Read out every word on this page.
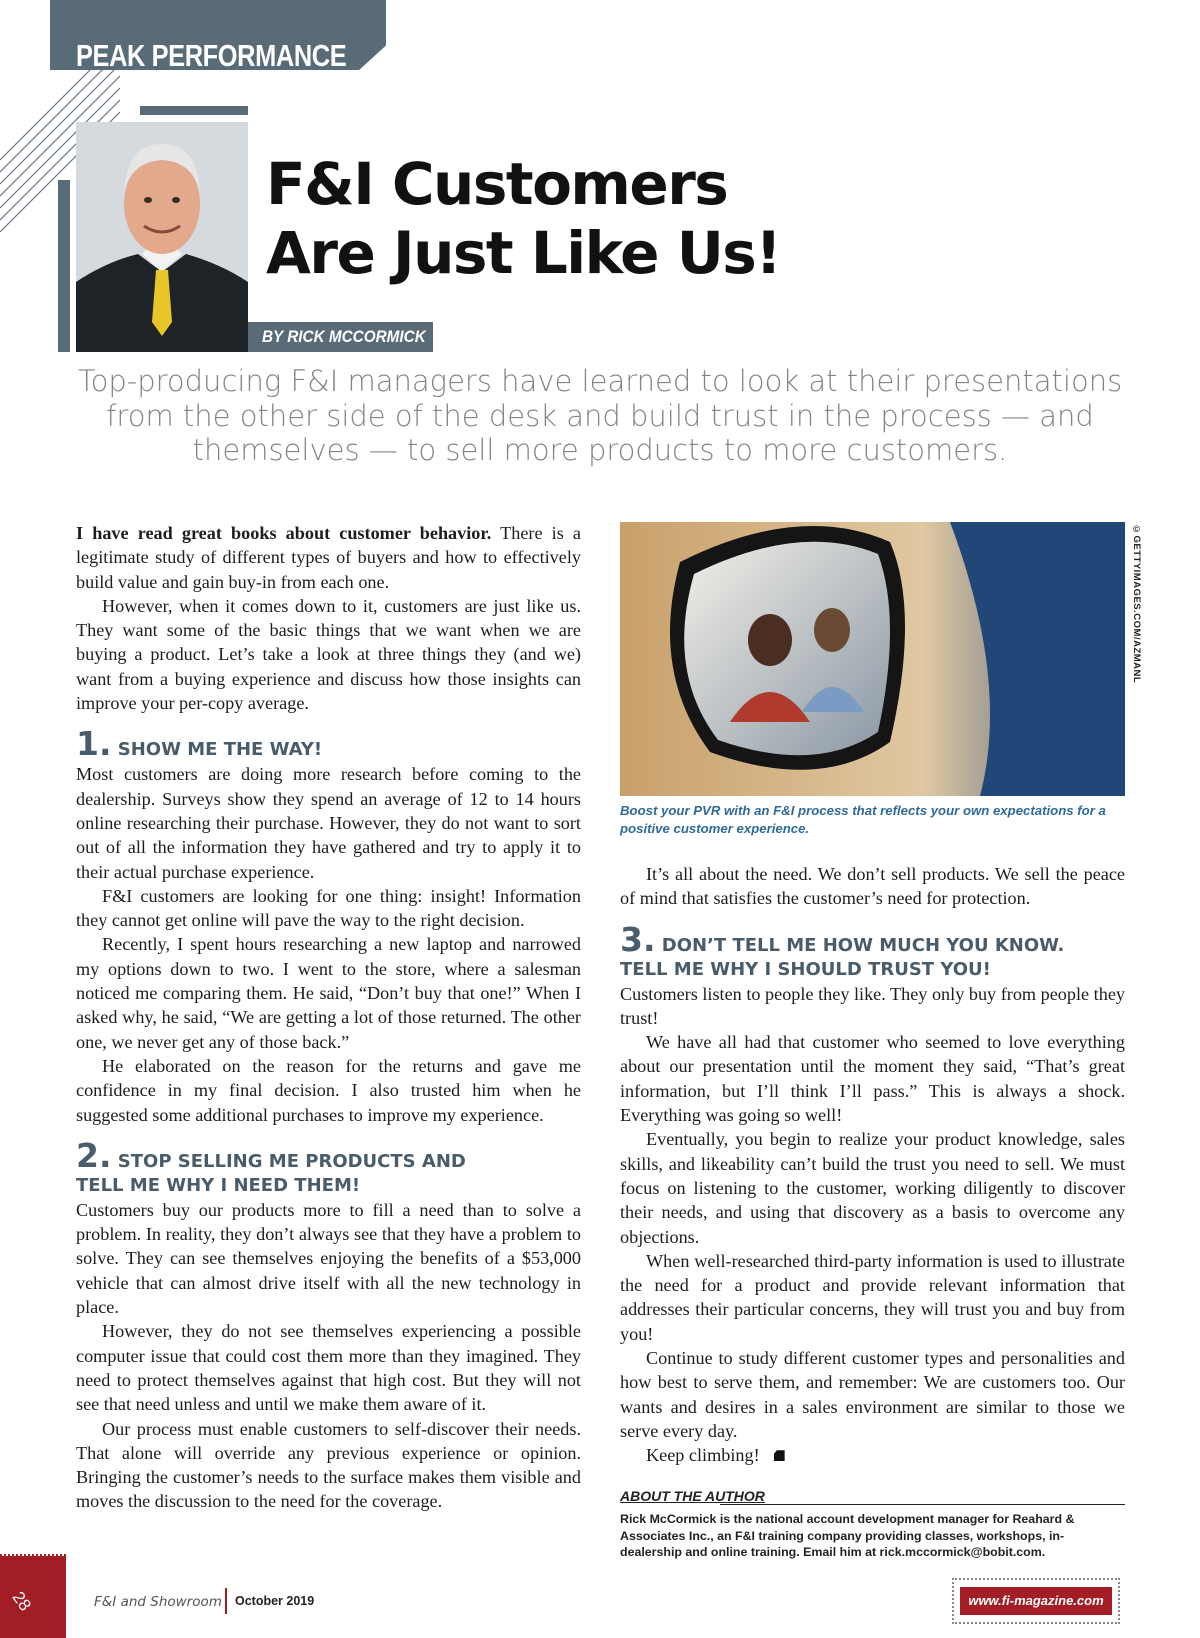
PEAK PERFORMANCE
F&I Customers
Are Just Like Us!
BY RICK MCCORMICK
Top-producing F&I managers have learned to look at their presentations from the other side of the desk and build trust in the process — and themselves — to sell more products to more customers.

I have read great books about customer behavior. There is a legitimate study of different types of buyers and how to effectively build value and gain buy-in from each one.

However, when it comes down to it, customers are just like us. They want some of the basic things that we want when we are buying a product. Let’s take a look at three things they (and we) want from a buying experience and discuss how those insights can improve your per-copy average.

1. SHOW ME THE WAY!

Most customers are doing more research before coming to the dealership. Surveys show they spend an average of 12 to 14 hours online researching their purchase. However, they do not want to sort out of all the information they have gathered and try to apply it to their actual purchase experience.

F&I customers are looking for one thing: insight! Information they cannot get online will pave the way to the right decision.

Recently, I spent hours researching a new laptop and narrowed my options down to two. I went to the store, where a salesman noticed me comparing them. He said, “Don’t buy that one!” When I asked why, he said, “We are getting a lot of those returned. The other one, we never get any of those back.”

He elaborated on the reason for the returns and gave me confidence in my final decision. I also trusted him when he suggested some additional purchases to improve my experience.

2. STOP SELLING ME PRODUCTS AND
TELL ME WHY I NEED THEM!

Customers buy our products more to fill a need than to solve a problem. In reality, they don’t always see that they have a problem to solve. They can see themselves enjoying the benefits of a $53,000 vehicle that can almost drive itself with all the new technology in place.

However, they do not see themselves experiencing a possible computer issue that could cost them more than they imagined. They need to protect themselves against that high cost. But they will not see that need unless and until we make them aware of it.

Our process must enable customers to self-discover their needs. That alone will override any previous experience or opinion. Bringing the customer’s needs to the surface makes them visible and moves the discussion to the need for the coverage.

©GETTYIMAGES.COM/AZMANL
Boost your PVR with an F&I process that reflects your own expectations for a positive customer experience.

It’s all about the need. We don’t sell products. We sell the peace of mind that satisfies the customer’s need for protection.

3. DON’T TELL ME HOW MUCH YOU KNOW.
TELL ME WHY I SHOULD TRUST YOU!

Customers listen to people they like. They only buy from people they trust!

We have all had that customer who seemed to love everything about our presentation until the moment they said, “That’s great information, but I’ll think I’ll pass.” This is always a shock. Everything was going so well!

Eventually, you begin to realize your product knowledge, sales skills, and likeability can’t build the trust you need to sell. We must focus on listening to the customer, working diligently to discover their needs, and using that discovery as a basis to overcome any objections.

When well-researched third-party information is used to illustrate the need for a product and provide relevant information that addresses their particular concerns, they will trust you and buy from you!

Continue to study different customer types and personalities and how best to serve them, and remember: We are customers too. Our wants and desires in a sales environment are similar to those we serve every day.

Keep climbing!

ABOUT THE AUTHOR
Rick McCormick is the national account development manager for Reahard & Associates Inc., an F&I training company providing classes, workshops, in-dealership and online training. Email him at rick.mccormick@bobit.com.
28	F&I and Showroom October 2019	www.fi-magazine.com
